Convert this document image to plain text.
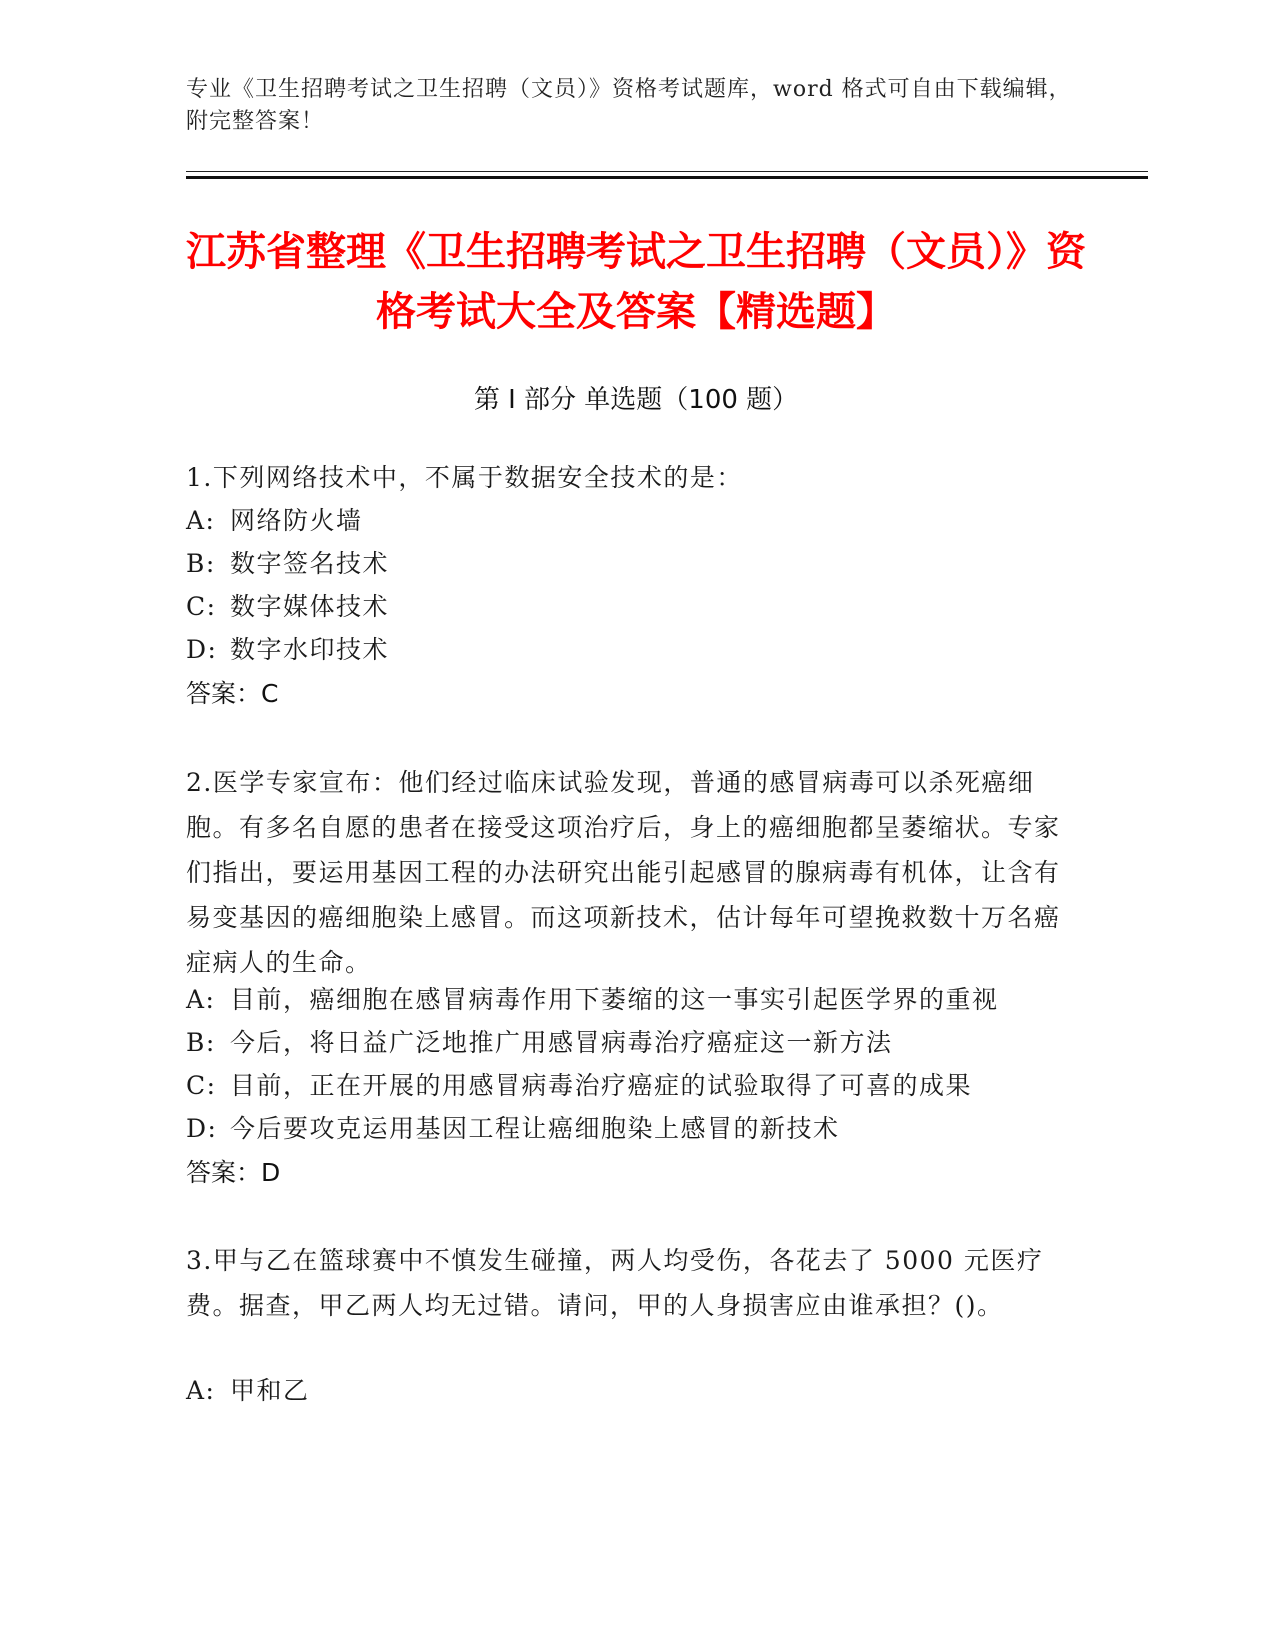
专业《卫生招聘考试之卫生招聘（文员）》资格考试题库，word 格式可自由下载编辑，附完整答案！
江苏省整理《卫生招聘考试之卫生招聘（文员）》资格考试大全及答案【精选题】
第 I 部分 单选题（100 题）
1.下列网络技术中，不属于数据安全技术的是：
A: 网络防火墙
B: 数字签名技术
C: 数字媒体技术
D: 数字水印技术
答案：C
2.医学专家宣布：他们经过临床试验发现，普通的感冒病毒可以杀死癌细胞。有多名自愿的患者在接受这项治疗后，身上的癌细胞都呈萎缩状。专家们指出，要运用基因工程的办法研究出能引起感冒的腺病毒有机体，让含有易变基因的癌细胞染上感冒。而这项新技术，估计每年可望挽救数十万名癌症病人的生命。
A: 目前，癌细胞在感冒病毒作用下萎缩的这一事实引起医学界的重视
B: 今后，将日益广泛地推广用感冒病毒治疗癌症这一新方法
C: 目前，正在开展的用感冒病毒治疗癌症的试验取得了可喜的成果
D: 今后要攻克运用基因工程让癌细胞染上感冒的新技术
答案：D
3.甲与乙在篮球赛中不慎发生碰撞，两人均受伤，各花去了 5000 元医疗费。据查，甲乙两人均无过错。请问，甲的人身损害应由谁承担？()。
A: 甲和乙
